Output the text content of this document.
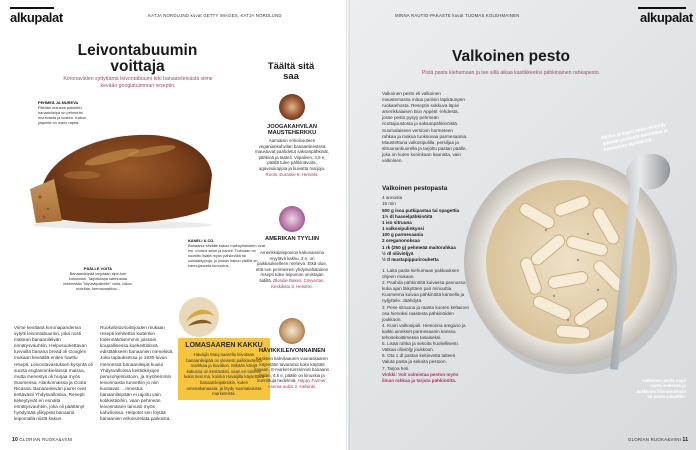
alkupalat	KATJA NORDLUND kuvat GETTY IMAGES, KATJA NORDLUND	MINNA RAUTIO-PAKASTE kuvat TUOMAS KOLEHMAINEN	alkupalat
Leivontabuumin voittaja
Koronaviiden syttyttämä leivontabuumi teki banaanileivästä viime kevään googlatuimman reseptin.
PEHMEÄ JA MUREVA
Pitkään mausee paistettu banaanileipä on pehmeän murevasta ja kostea. Kakun ylapinta on usein rapea.
KANELI & CO.
Banaania sävälte kakun makuyhdisteen ovat esi. rouhea seksi ja kaneli. Todinaan on suosittu lisätä myös pähkinöitä tai suklaahippuja, jo joskus kakun päällä on kannujauveta kuorrutus.
PÄÄLLE VOITA
Banaanileipää tarjotaan sipe-koh kokonaan. Tarjoilutapa kannustaa leikkimään "leipäviipaleelle" voita, hilloa, nutellaa, kermavaahtoa...
Viime keväänä koronapandemia sytytti leivontabuumin, joka nosti makean banaanileivän ennätysvauhtiin. Helposuokettavan tuvvoilla banana bread oli Googlen mukaan keväällä eniten haettu resepti. Leivontavastuksen kysyntä oli suurta englanninkielisissä maissa, mutta menestys oli hurjaa myös Suomessa, Alankomaissa ja Costa Ricassa. Banaanileivän juuret ovat tiettävästi Yhdysvalloissa. Resepti kekeytyivät en ennalta ennätysvauhtiin, joka oli päättänyt hyödyntää ylikypsät banaanit leipomalla niistä kakun.
Ruokahistorioitsijoiden mukaan resepti kehitettiin kuitenkin todennäköisemmin joissain koupallisessa koekeittiöissä edistääkseen banaanien menekkiä. Joka tapauksessa jo 1930-luvun mennessä banaanileipä kuului Yhdysvalloissa keittiökirjojen perusohjelmistoon, ja myöhemmin leivonnaista tunnettiin jo niin kuvaavat ... Innostus banaanileipään ei rajoitu vain kotikeittiöihin, vaan pehmeän leivonnaisen tarvusti myös kahviloissa. Helpotet sen löytää banaanien erikoisirelata paikoista.
LOMASAAREN KAKKU
Havaijin Mauj-saarella leivotaan banaanileipää on yleisesti paikkaväestä markkaa ja kuvakon. Mikään kävijä kakussa on kestävästi, vaan eri toiseen kukin tiesi ma, kuinka Havaijilla käytettävä banaanileipäksikin, kuten omenabanaania, ja läydy suomalaisista marketeista.
Täältä sitä saa
JOOGAKAHVILAN MAUSTEHERKKU
Aamiaisin erikoisuuteen veganiankahvilan banaanileivässä maustuvat paahdetut saksanpähkinät, pähkinä ja taateli. Viipaleen, 3,5 e, päällä tulee pähkinävoita, agavesiirappia ja kuivatta marjoja. Roots, Eurantie 8, Helsinki.
AMERIKAN TYYLIIN
Amerikkalaisponion kakunaisena myytävä kakku, 3 e, on paikkaukselleen meheva. Etkä ulue, että sen perinteinen yhdysvaltalainen resepti tulee leipomon omistajan äidiltä. Blondie Bakes, Cityvertan, Keskikatu 8, Helsinki.
HÄVIKKILEIVONNAINEN
Kesktein kahvilaauren vuunaskaaren käytetään tavarassa koko käyttää sanaan. S-market-tumminnat banaanit. Palan, 4,5 e, päälle on kinuskia ja kunnittuja hedelmiä. Happy Farmer, Asema-aukio 2, Helsinki.
10 GLORIAN RUOKA&VIINI
Valkoinen pesto
Pistä pasta kiehumaan ja tee sillä aikaa kastikkeeksi pähkinäinen rahkapesto.
Valkoinen pesto eli valkoinen maustemassa mitua pariisin läpikäunpen ruokatehosta. Reseptin sokkuva läpivi amerikkalaisen Bon Appétit -lehdestä, josse pesto pysyy pehmeän ricottajuustosta ja saksanpähkinöistä. Suomalaiseen versioon hormeteen rahkaa ja makua tuoksuvaa parmesaania. Maustettuna valkosipulilla, persiljaa ja sitruunankuorella ja tarjoltu pastan päälle, joka on kuten kuninkaan kaunista, vain valkoinen.
Valkoinen pestopasta
4 annosta
15 min
500 g isoa putkipastaa tai spagettia
1½ dl hasselpähkinöitä
1 iso sitruuna
1 valkosipulinkynsi
100 g parmesaania
2 oreganonoksaa
1 rk (250 g) pehmeää maitorahkaa
½ dl oliiviöljyä
½ tl mustapippurirouhetta
1. Laita pasta kiehumaan pakkauksen ohjeen mukaan.
2. Paahda pähkinöitä kuivassa pannussa kuka ajan läikyttäen pari minuuttia. Kuumenna kuivaa pähkinöitä kannella ja nyljyttele. Jäähdytä.
3. Pese sitruuna ja raasta kuoren keltainen osa hienoksi raastesta pähkinöiden joukkoon.
4. Kuori valkosipuli. Hienonna oregano ja kaikki ainekset parmesaanin kanssa tehosekoittimessa tasaiseksi.
5. Lisää rahka ja sekoita huoliellisesti. Vatkaa oliiviöljy joukkoon.
6. Ota 1 dl pastan keitinvettä talteen. Valuta pasta ja sekoita pestoon.
7. Tarjoa heti.
Vinkki: Voit valmistaa peston myös ilman rahkaa ja tarjota pähkinöitä.
Rahka ja kypsi sekä oliiviöljy tekevät pestosta kuohkeaa ja kermaisen täyteläistä.
Valkoinen pesto sopii myös mehevän ja lisäkkeen liha-annoksiin tai pasta-salaattiin.
GLORIAN RUOKA&VIINI 11
